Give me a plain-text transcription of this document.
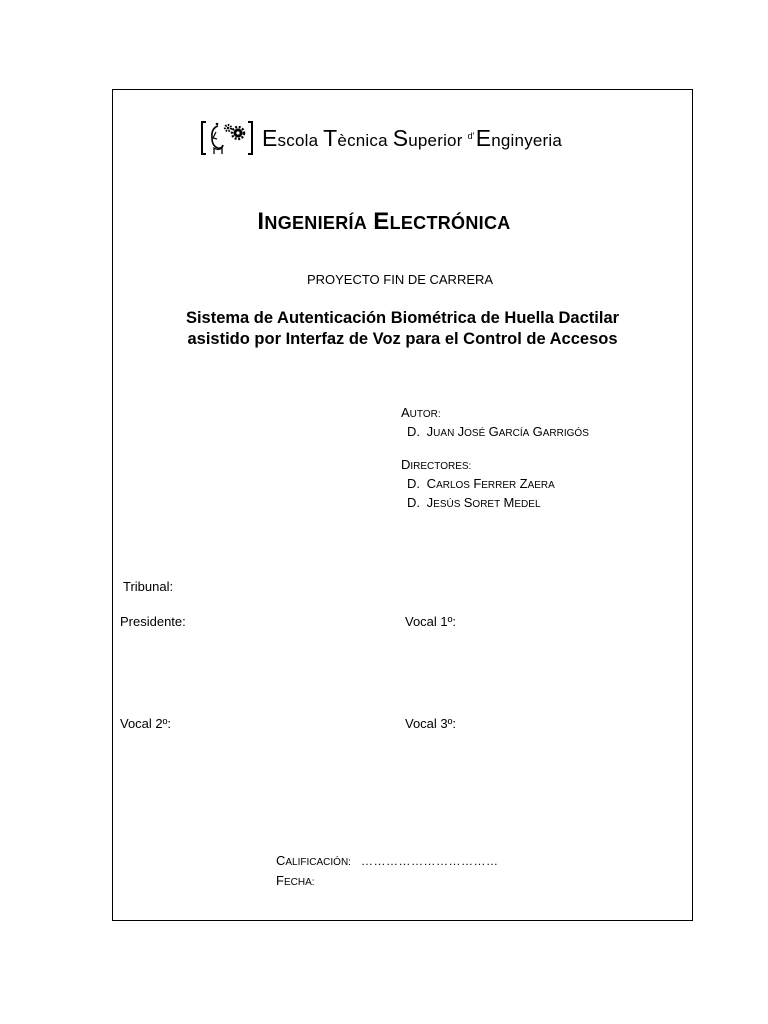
Escola Tècnica Superior $^{d'}$Enginyeria
INGENIERÍA ELECTRÓNICA
PROYECTO FIN DE CARRERA
Sistema de Autenticación Biométrica de Huella Dactilar
asistido por Interfaz de Voz para el Control de Accesos
AUTOR:
D. JUAN JOSÉ GARCÍA GARRIGÓS
DIRECTORES:
D. CARLOS FERRER ZAERA
D. JESÚS SORET MEDEL
Tribunal:
Presidente:	Vocal 1º:
Vocal 2º:	Vocal 3º:
CALIFICACIÓN: ……………………………
FECHA:
